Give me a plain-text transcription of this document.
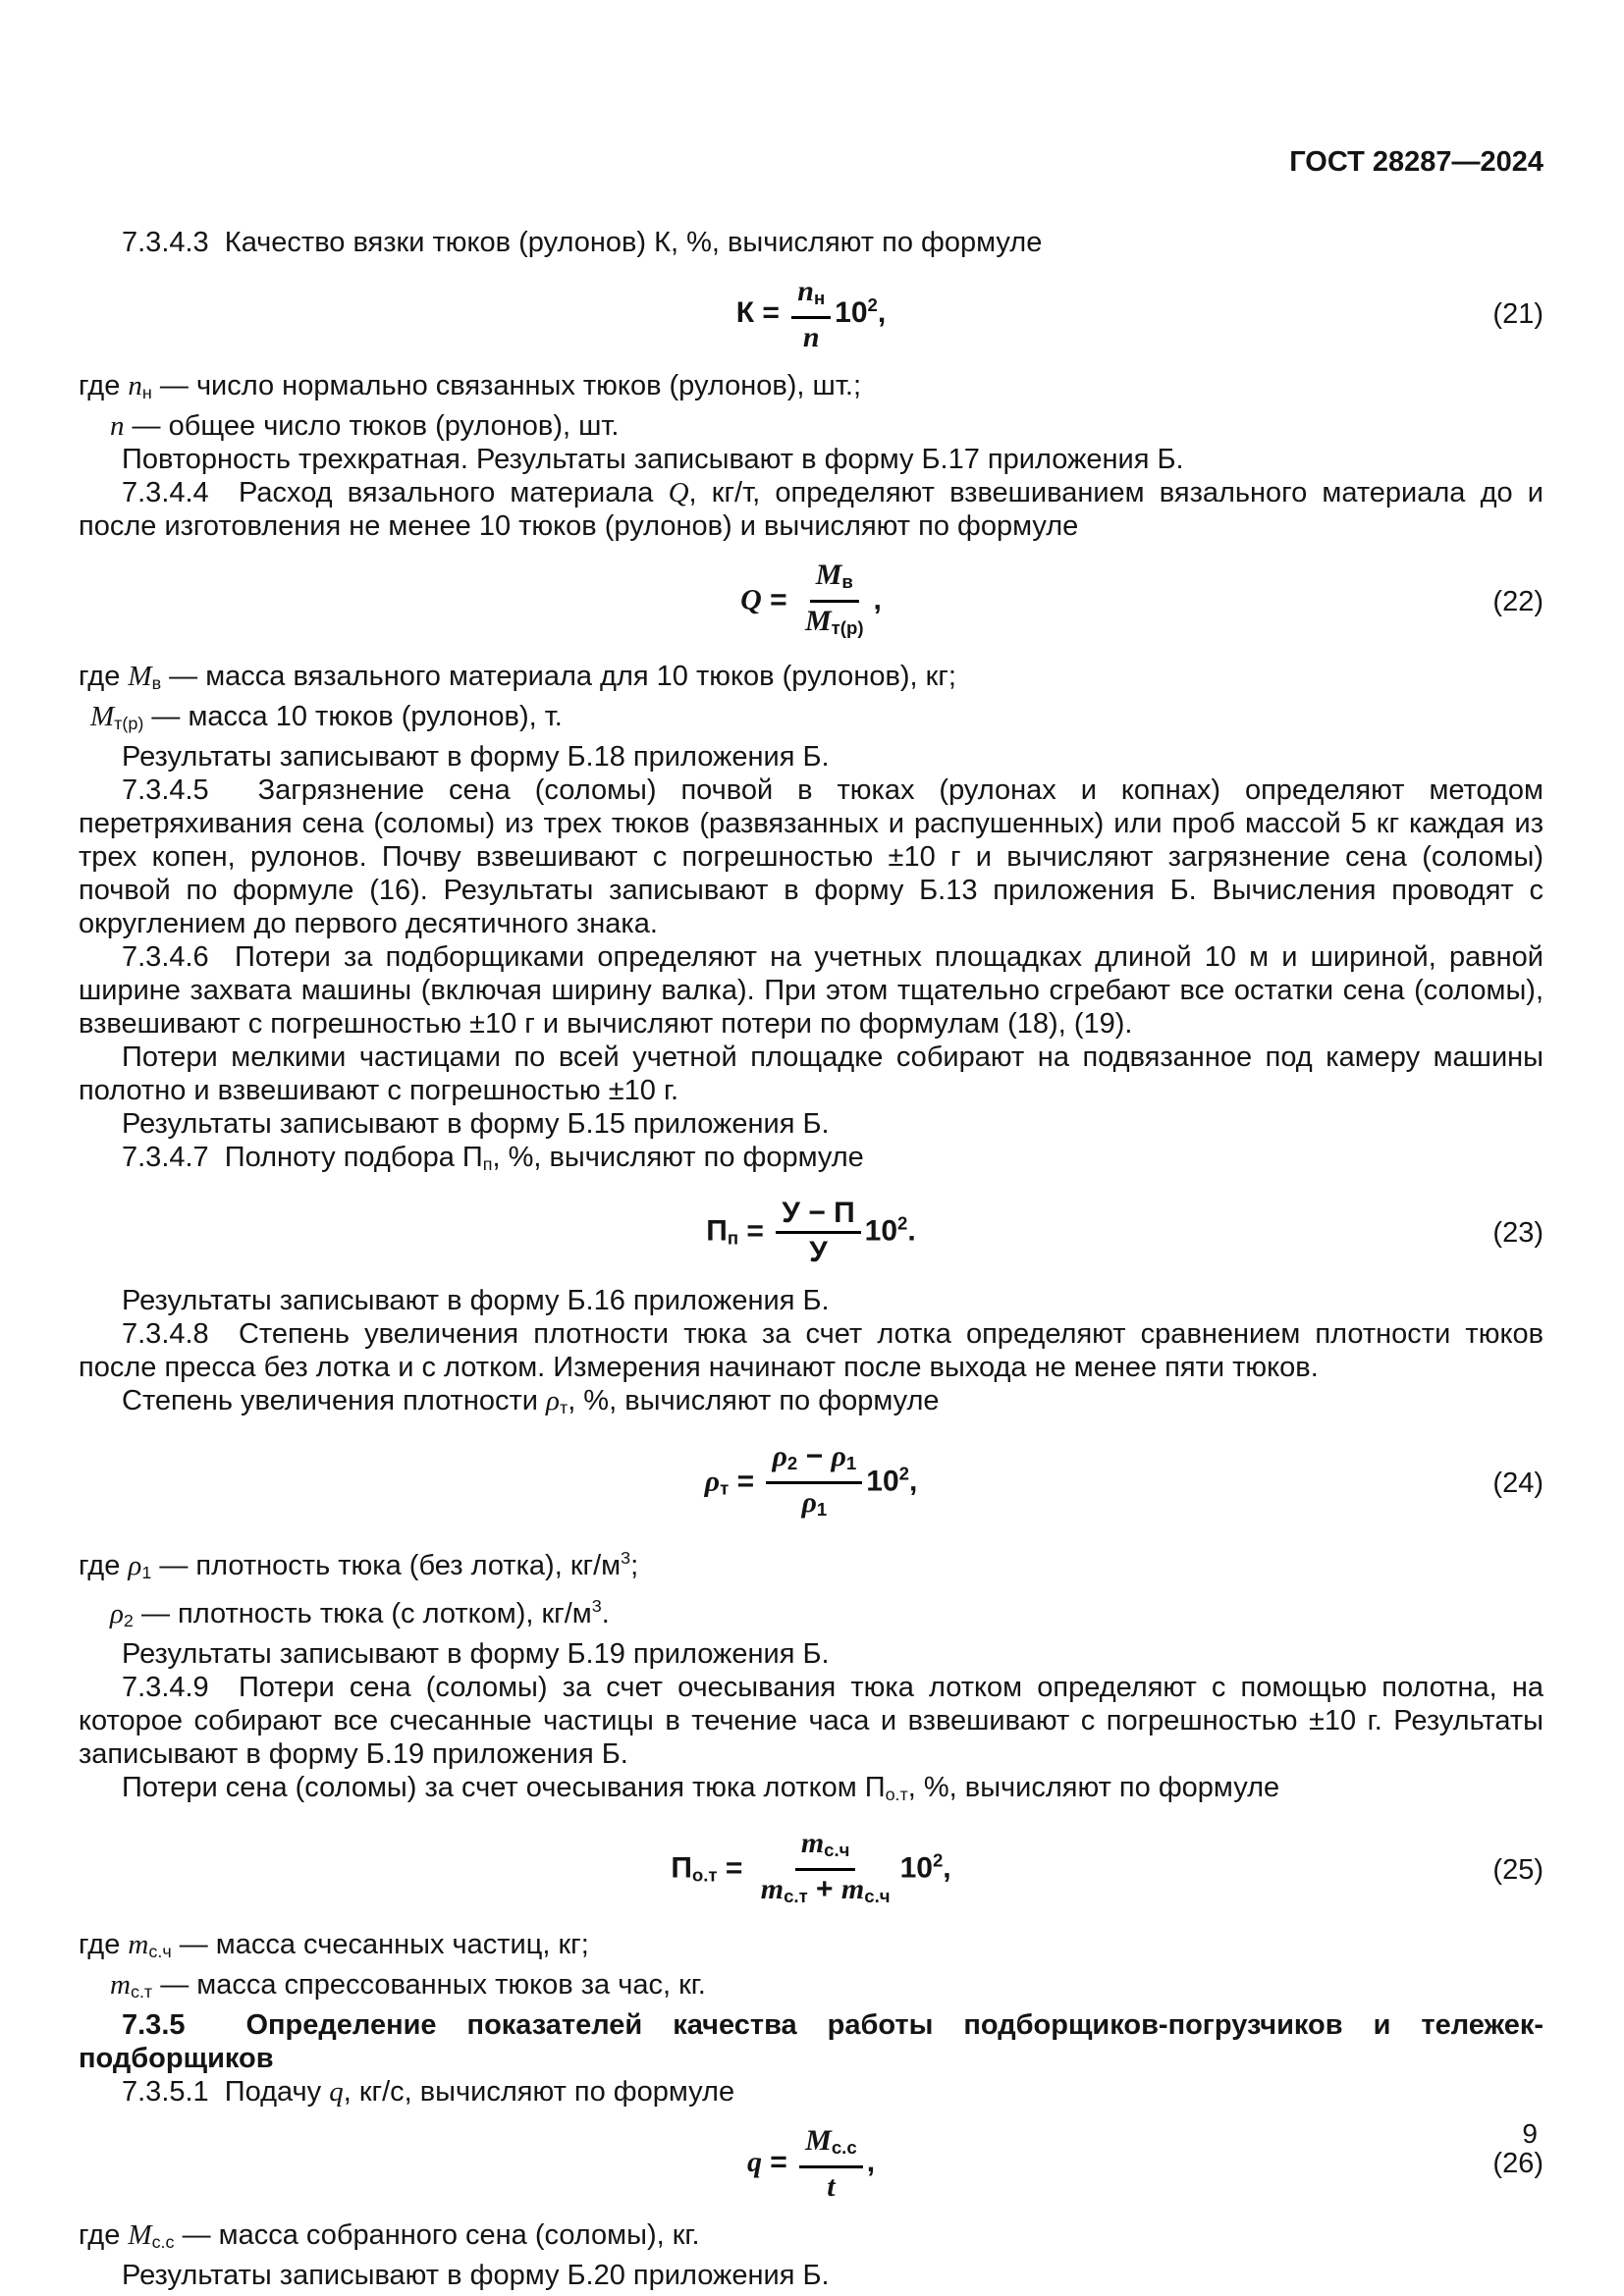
ГОСТ 28287—2024

7.3.4.3  Качество вязки тюков (рулонов) К, %, вычисляют по формуле

$К = \frac{nн}{n} 10^2$,	(21)

где nн — число нормально связанных тюков (рулонов), шт.;

n — общее число тюков (рулонов), шт.

Повторность трехкратная. Результаты записывают в форму Б.17 приложения Б.

7.3.4.4  Расход вязального материала Q, кг/т, определяют взвешиванием вязального материала до и после изготовления не менее 10 тюков (рулонов) и вычисляют по формуле

$Q = \frac{Mв}{Mт(р)}$ ,	(22)

где Mв — масса вязального материала для 10 тюков (рулонов), кг;

Mт(р) — масса 10 тюков (рулонов), т.

Результаты записывают в форму Б.18 приложения Б.

7.3.4.5  Загрязнение сена (соломы) почвой в тюках (рулонах и копнах) определяют методом перетряхивания сена (соломы) из трех тюков (развязанных и распушенных) или проб массой 5 кг каждая из трех копен, рулонов. Почву взвешивают с погрешностью ±10 г и вычисляют загрязнение сена (соломы) почвой по формуле (16). Результаты записывают в форму Б.13 приложения Б. Вычисления проводят с округлением до первого десятичного знака.

7.3.4.6  Потери за подборщиками определяют на учетных площадках длиной 10 м и шириной, равной ширине захвата машины (включая ширину валка). При этом тщательно сгребают все остатки сена (соломы), взвешивают с погрешностью ±10 г и вычисляют потери по формулам (18), (19).

Потери мелкими частицами по всей учетной площадке собирают на подвязанное под камеру машины полотно и взвешивают с погрешностью ±10 г.

Результаты записывают в форму Б.15 приложения Б.

7.3.4.7  Полноту подбора Пп, %, вычисляют по формуле

Пп = $\frac{У - П}{У} 10^2$.	(23)

Результаты записывают в форму Б.16 приложения Б.

7.3.4.8  Степень увеличения плотности тюка за счет лотка определяют сравнением плотности тюков после пресса без лотка и с лотком. Измерения начинают после выхода не менее пяти тюков.

Степень увеличения плотности ρт, %, вычисляют по формуле

$\rho т = \frac{\rho 2 - \rho 1}{\rho 1} 10^2$,	(24)

где ρ1 — плотность тюка (без лотка), $кг/м^3$;

ρ2 — плотность тюка (с лотком), $кг/м^3$.

Результаты записывают в форму Б.19 приложения Б.

7.3.4.9  Потери сена (соломы) за счет очесывания тюка лотком определяют с помощью полотна, на которое собирают все счесанные частицы в течение часа и взвешивают с погрешностью ±10 г. Результаты записывают в форму Б.19 приложения Б.

Потери сена (соломы) за счет очесывания тюка лотком По.т, %, вычисляют по формуле

$По.т = \frac{mс.ч}{mс.т + mс.ч} 10^2$,	(25)

где mс.ч — масса счесанных частиц, кг;

mс.т — масса спрессованных тюков за час, кг.

7.3.5  Определение показателей качества работы подборщиков-погрузчиков и тележек-подборщиков

7.3.5.1  Подачу q, кг/с, вычисляют по формуле

$q = \frac{Mс.с}{t}$ ,	(26)

где Mс.с — масса собранного сена (соломы), кг.

Результаты записывают в форму Б.20 приложения Б.

9
